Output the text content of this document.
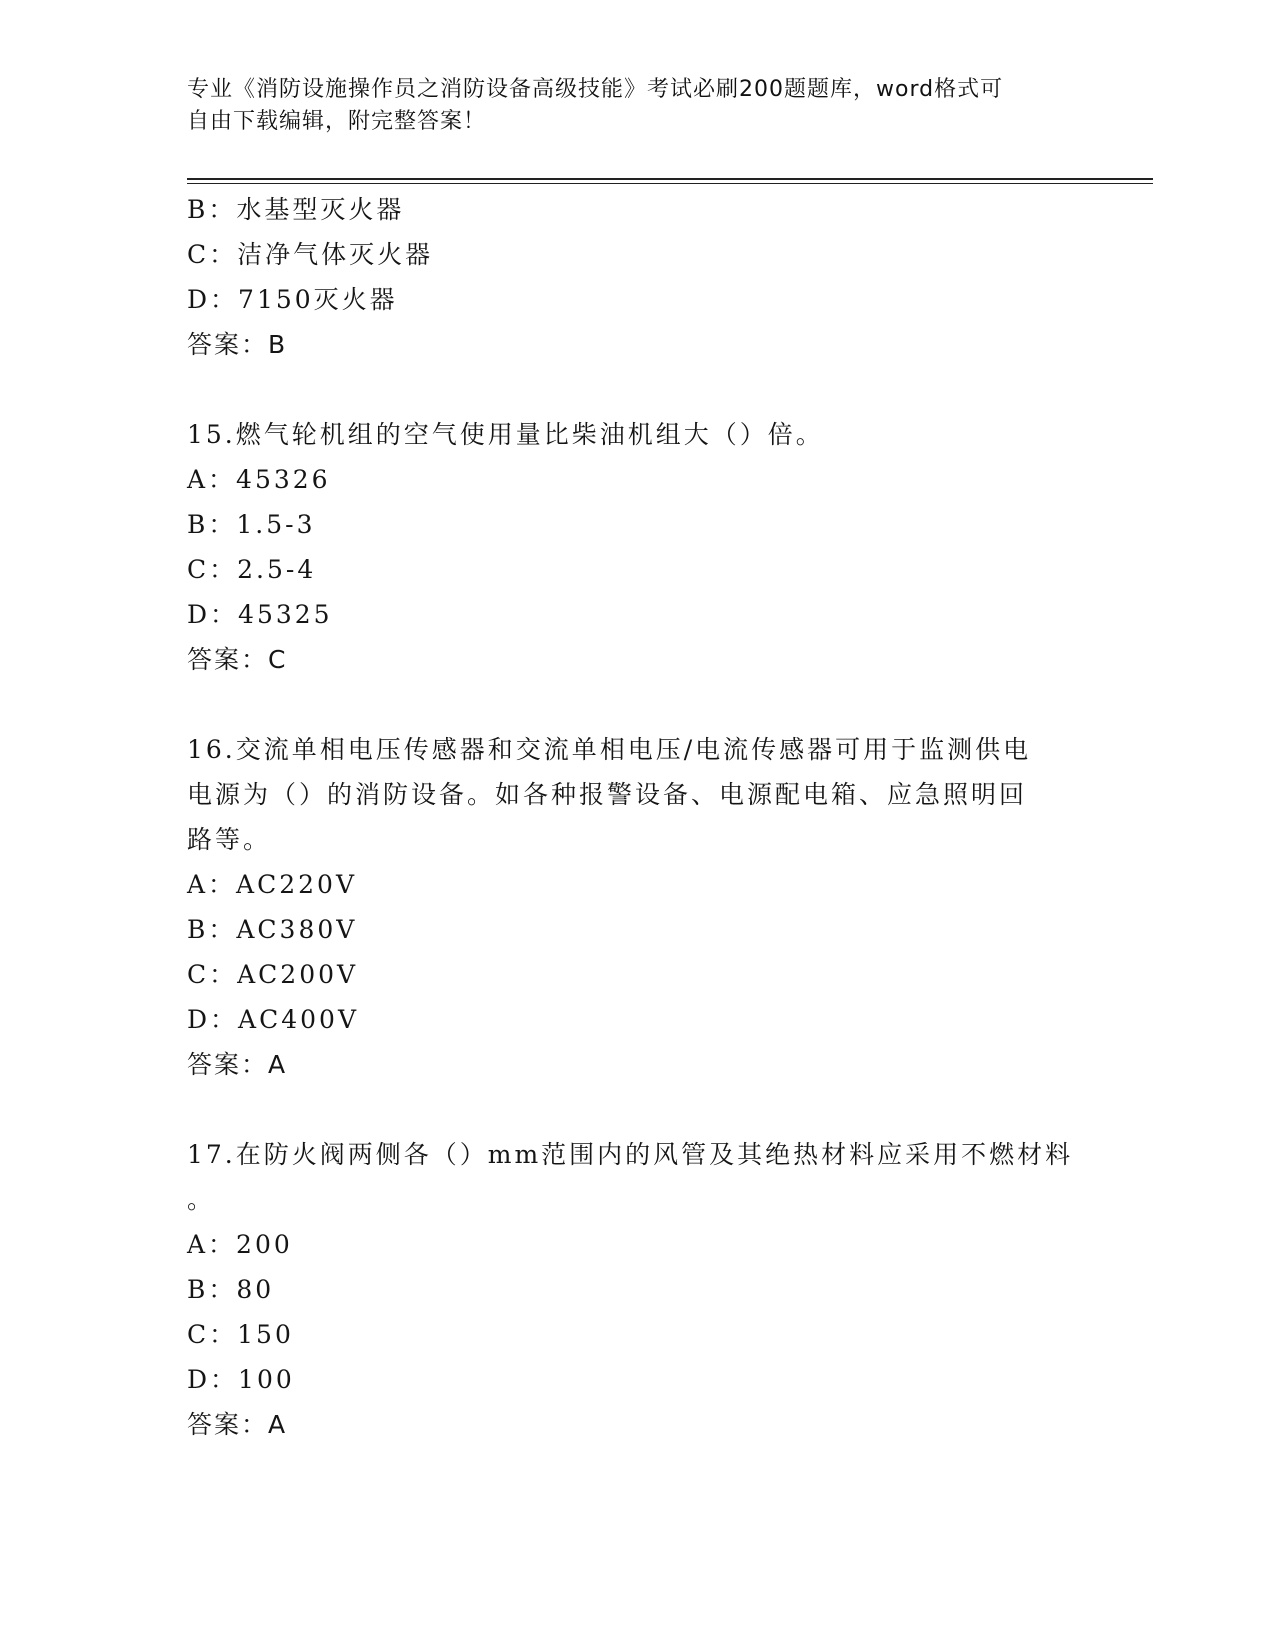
专业《消防设施操作员之消防设备高级技能》考试必刷200题题库，word格式可
自由下载编辑，附完整答案！
B：水基型灭火器
C：洁净气体灭火器
D：7150灭火器
答案：B
15.燃气轮机组的空气使用量比柴油机组大（）倍。
A：45326
B：1.5-3
C：2.5-4
D：45325
答案：C
16.交流单相电压传感器和交流单相电压/电流传感器可用于监测供电
电源为（）的消防设备。如各种报警设备、电源配电箱、应急照明回
路等。
A：AC220V
B：AC380V
C：AC200V
D：AC400V
答案：A
17.在防火阀两侧各（）mm范围内的风管及其绝热材料应采用不燃材料
。
A：200
B：80
C：150
D：100
答案：A
